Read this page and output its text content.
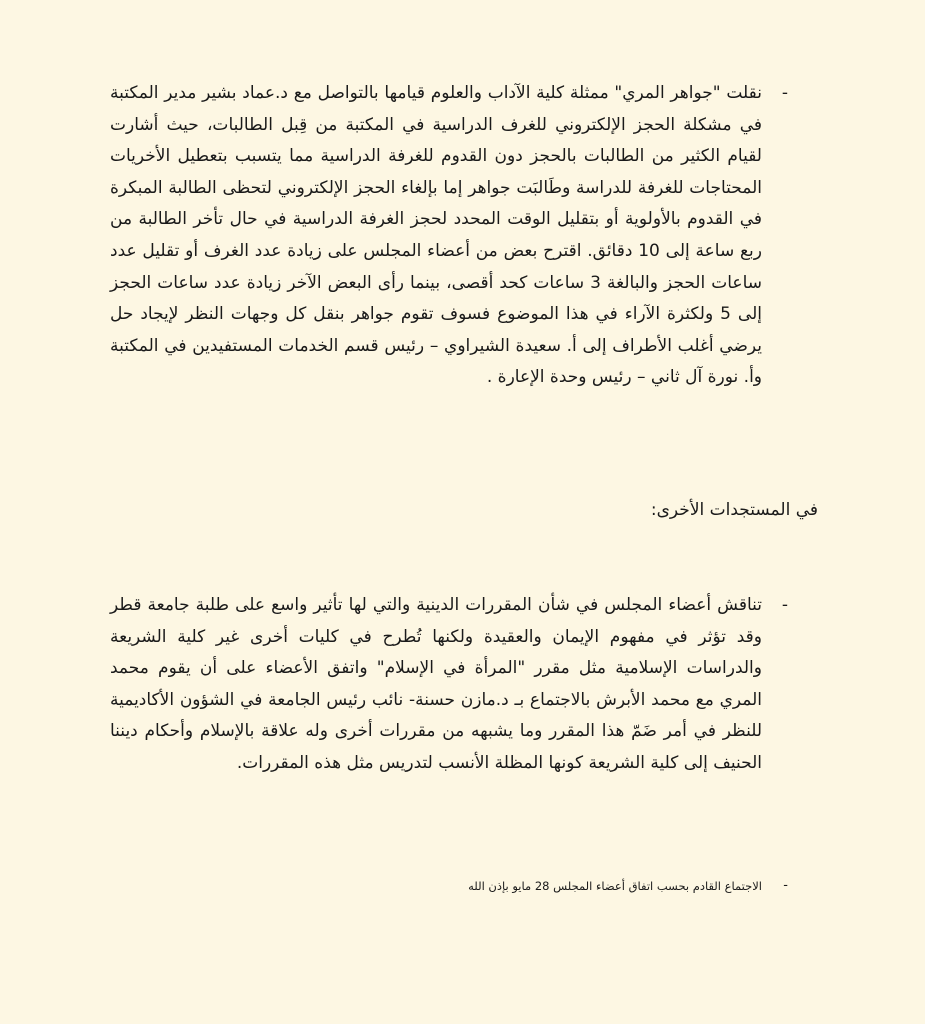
-
نقلت "جواهر المري" ممثلة كلية الآداب والعلوم قيامها بالتواصل مع د.عماد بشير مدير المكتبة في مشكلة الحجز الإلكتروني للغرف الدراسية في المكتبة من قِبل الطالبات، حيث أشارت لقيام الكثير من الطالبات بالحجز دون القدوم للغرفة الدراسية مما يتسبب بتعطيل الأخريات المحتاجات للغرفة للدراسة وطَالبَت جواهر إما بإلغاء الحجز الإلكتروني لتحظى الطالبة المبكرة في القدوم بالأولوية أو بتقليل الوقت المحدد لحجز الغرفة الدراسية في حال تأخر الطالبة من ربع ساعة إلى 10 دقائق. اقترح بعض من أعضاء المجلس على زيادة عدد الغرف أو تقليل عدد ساعات الحجز والبالغة 3 ساعات كحد أقصى، بينما رأى البعض الآخر زيادة عدد ساعات الحجز إلى 5 ولكثرة الآراء في هذا الموضوع فسوف تقوم جواهر بنقل كل وجهات النظر لإيجاد حل يرضي أغلب الأطراف إلى أ. سعيدة الشيراوي – رئيس قسم الخدمات المستفيدين في المكتبة وأ. نورة آل ثاني – رئيس وحدة الإعارة .
في المستجدات الأخرى:
-
تناقش أعضاء المجلس في شأن المقررات الدينية والتي لها تأثير واسع على طلبة جامعة قطر وقد تؤثر في مفهوم الإيمان والعقيدة ولكنها تُطرح في كليات أخرى غير كلية الشريعة والدراسات الإسلامية مثل مقرر "المرأة في الإسلام" واتفق الأعضاء على أن يقوم محمد المري مع محمد الأبرش بالاجتماع بـ د.مازن حسنة- نائب رئيس الجامعة في الشؤون الأكاديمية للنظر في أمر ضَمّ هذا المقرر وما يشبهه من مقررات أخرى وله علاقة بالإسلام وأحكام ديننا الحنيف إلى كلية الشريعة كونها المظلة الأنسب لتدريس مثل هذه المقررات.
-
الاجتماع القادم بحسب اتفاق أعضاء المجلس 28 مايو بإذن الله
